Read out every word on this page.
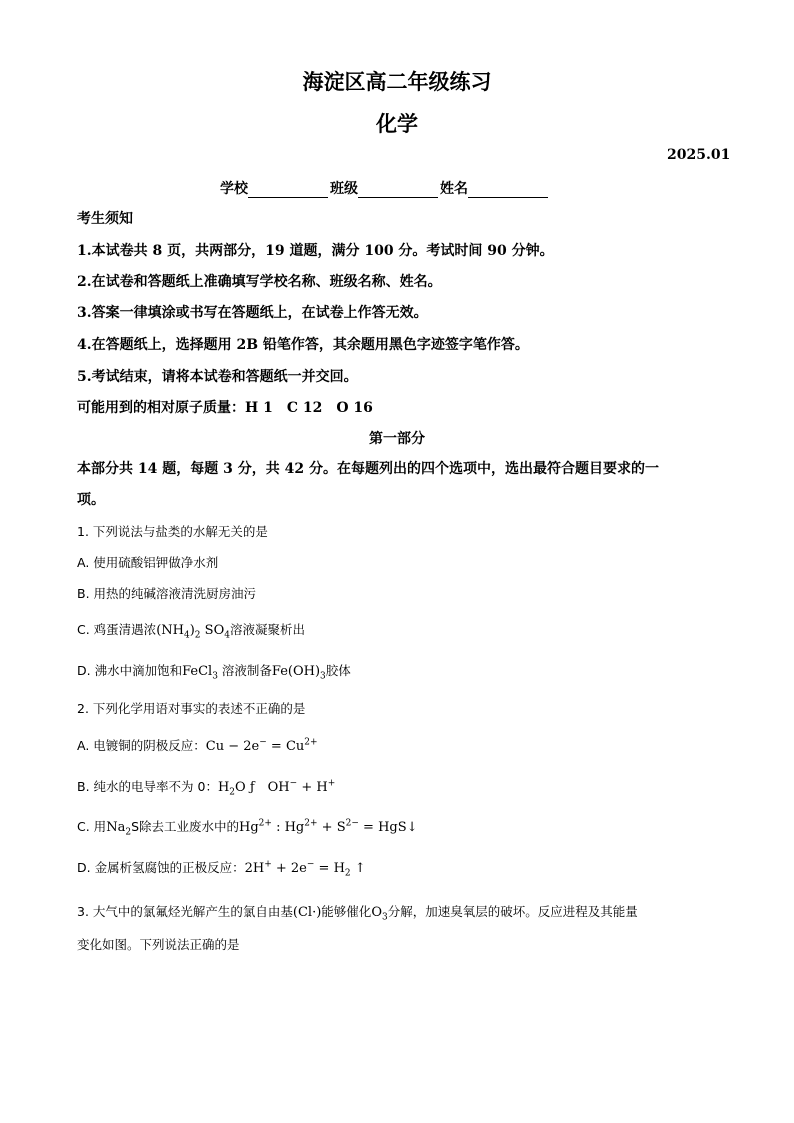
海淀区高二年级练习
化学
2025.01
学校	班级	姓名
考生须知
1.本试卷共 8 页，共两部分，19 道题，满分 100 分。考试时间 90 分钟。
2.在试卷和答题纸上准确填写学校名称、班级名称、姓名。
3.答案一律填涂或书写在答题纸上，在试卷上作答无效。
4.在答题纸上，选择题用 2B 铅笔作答，其余题用黑色字迹签字笔作答。
5.考试结束，请将本试卷和答题纸一并交回。
可能用到的相对原子质量：H 1　C 12　O 16
第一部分
本部分共 14 题，每题 3 分，共 42 分。在每题列出的四个选项中，选出最符合题目要求的一
项。
1. 下列说法与盐类的水解无关的是
A. 使用硫酸铝钾做净水剂
B. 用热的纯碱溶液清洗厨房油污
C. 鸡蛋清遇浓$(NH_4)_2$ $SO_4$溶液凝聚析出
D. 沸水中滴加饱和FeCl$_3$ 溶液制备$Fe(OH)_3$胶体
2. 下列化学用语对事实的表述不正确的是
A. 电镀铜的阴极反应：$Cu - 2e^- = Cu^{2+}$
B. 纯水的电导率不为 0：$H_2O$ ƒ　OH− + H+
C. 用$Na_2S$除去工业废水中的$Hg^{2+}$ : $Hg^{2+} + S^{2-}$ = HgS↓
D. 金属析氢腐蚀的正极反应：$2H^+ + 2e^- = H_2$ ↑
3. 大气中的氯氟烃光解产生的氯自由基(Cl·)能够催化$O_3$分解，加速臭氧层的破坏。反应进程及其能量
变化如图。下列说法正确的是
